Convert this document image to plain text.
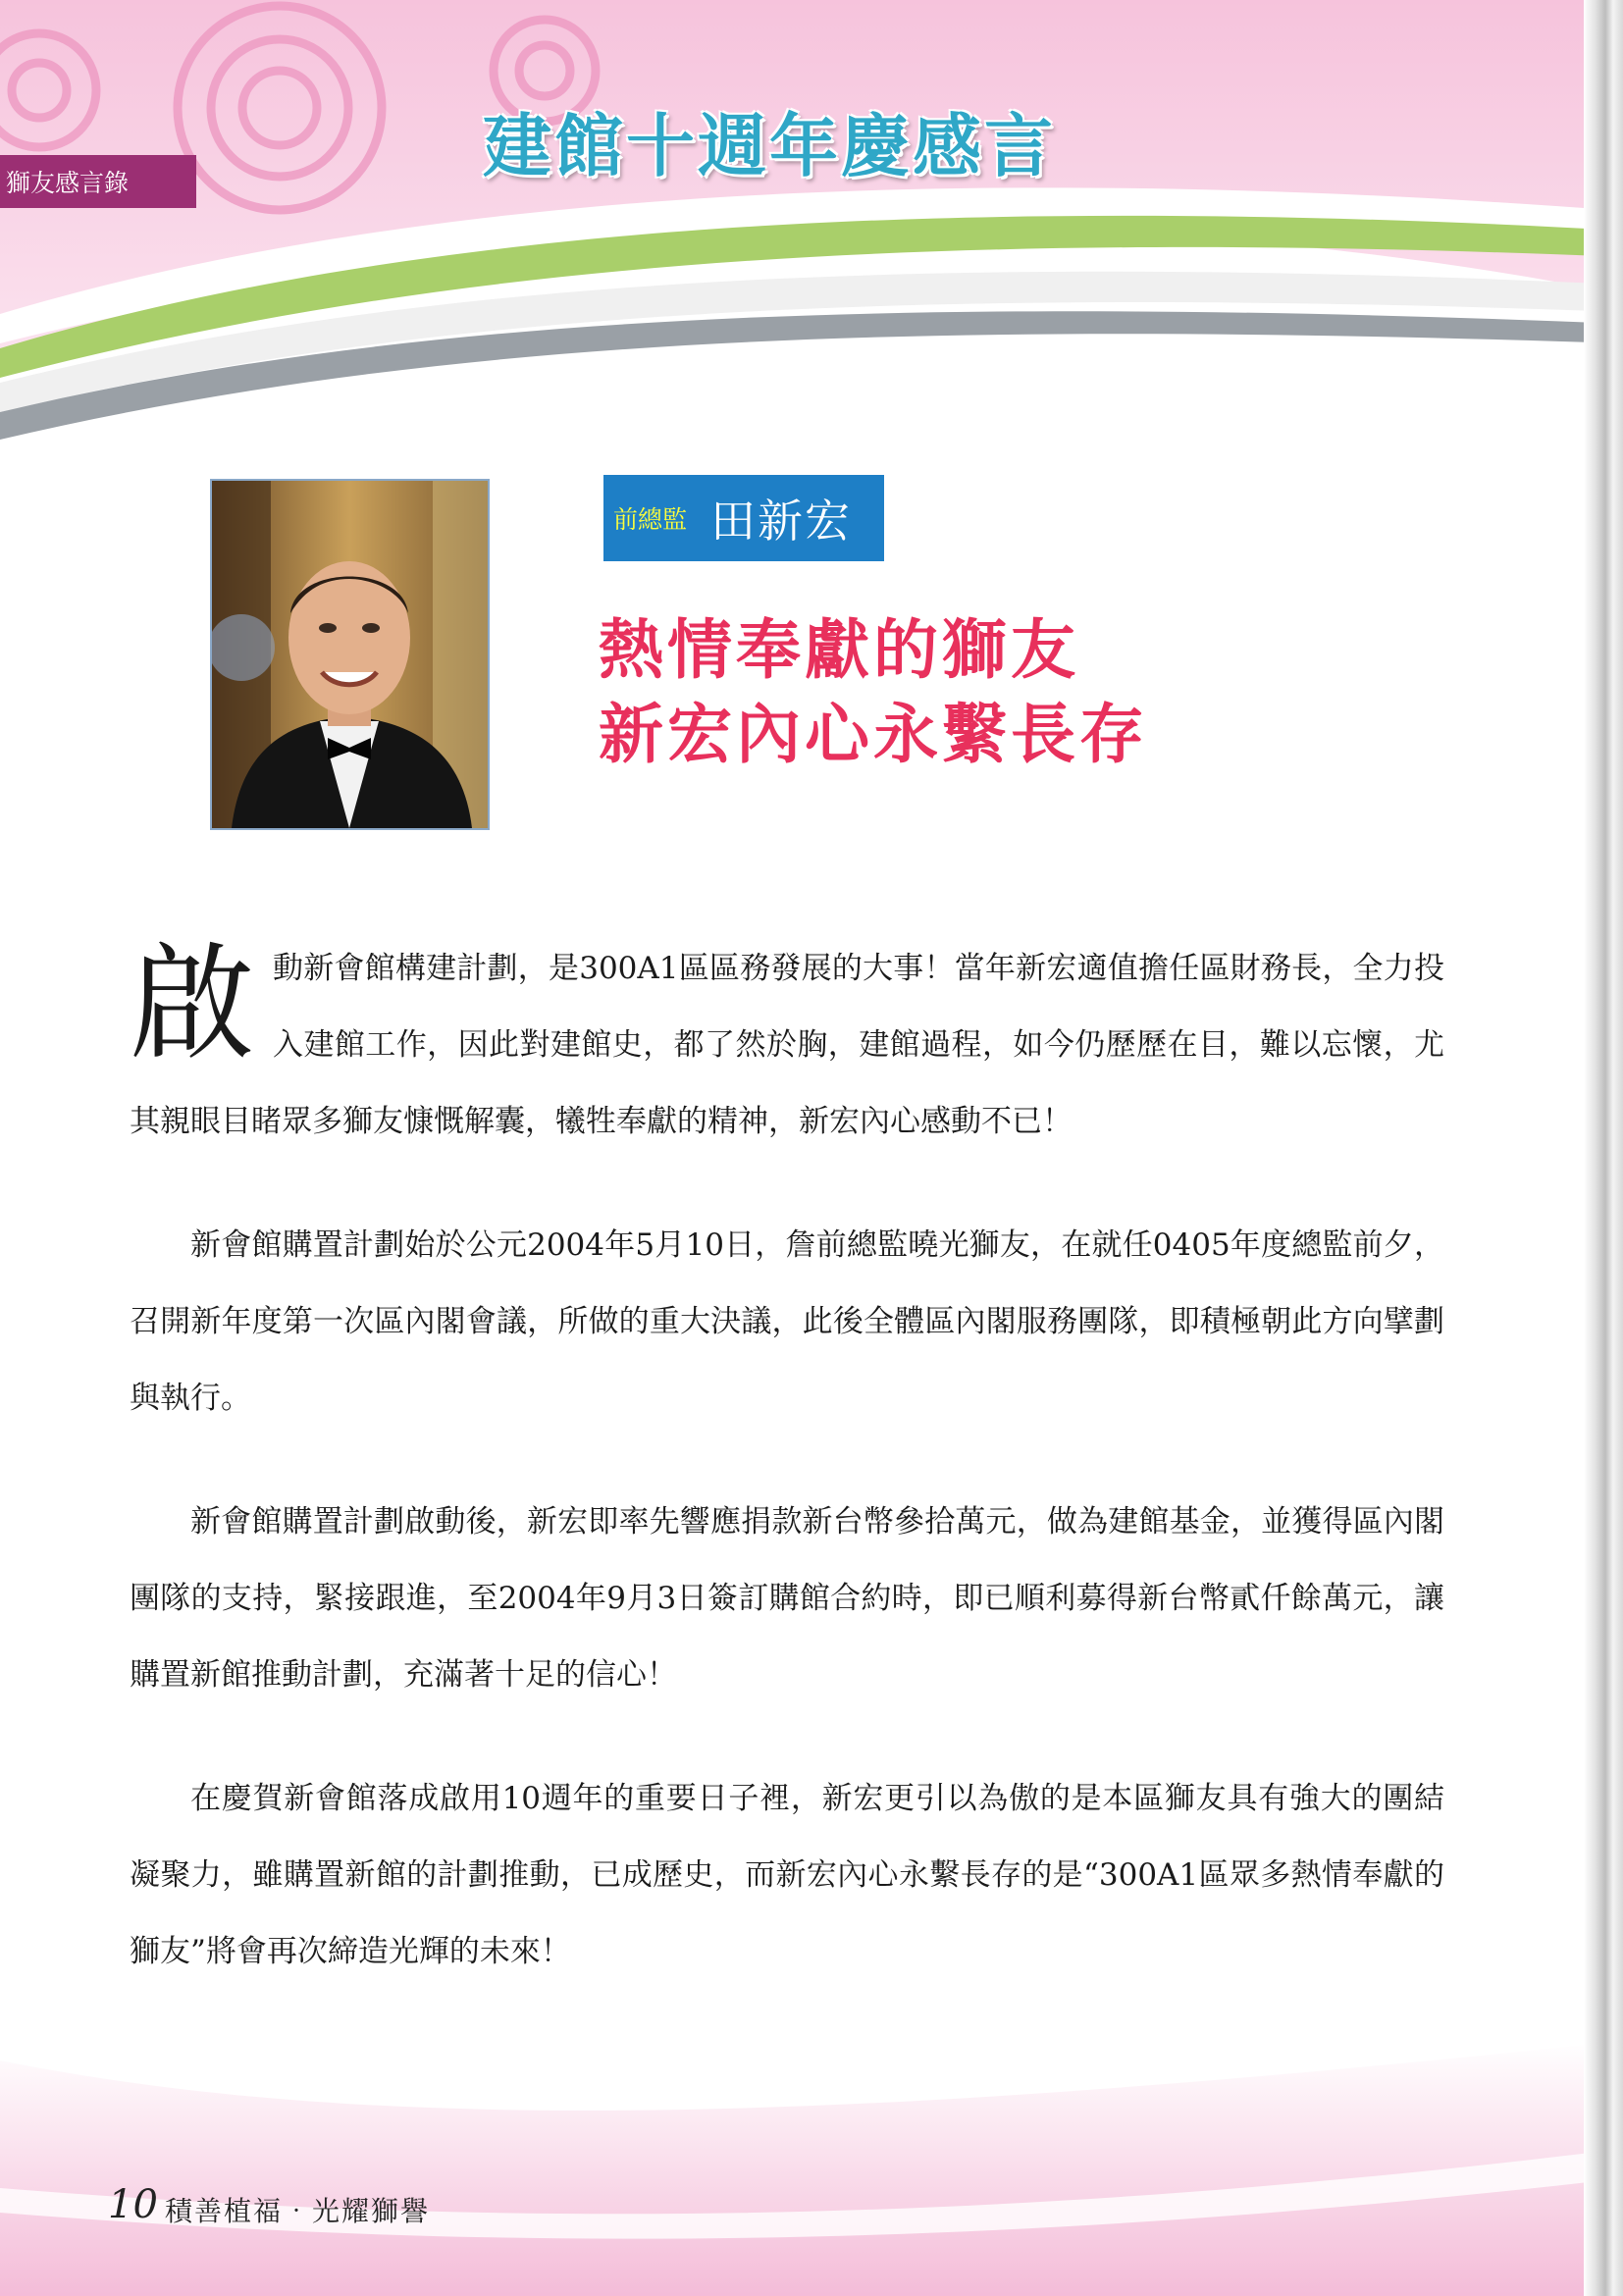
獅友感言錄	建館十週年慶感言
前總監 田新宏
熱情奉獻的獅友
新宏內心永繫長存

啟動新會館構建計劃，是300A1區區務發展的大事！當年新宏適值擔任區財務長，全力投入建館工作，因此對建館史，都了然於胸，建館過程，如今仍歷歷在目，難以忘懷，尤其親眼目睹眾多獅友慷慨解囊，犧牲奉獻的精神，新宏內心感動不已！

新會館購置計劃始於公元2004年5月10日，詹前總監曉光獅友，在就任0405年度總監前夕，召開新年度第一次區內閣會議，所做的重大決議，此後全體區內閣服務團隊，即積極朝此方向擘劃與執行。

新會館購置計劃啟動後，新宏即率先響應捐款新台幣參拾萬元，做為建館基金，並獲得區內閣團隊的支持，緊接跟進，至2004年9月3日簽訂購館合約時，即已順利募得新台幣貳仟餘萬元，讓購置新館推動計劃，充滿著十足的信心！

在慶賀新會館落成啟用10週年的重要日子裡，新宏更引以為傲的是本區獅友具有強大的團結凝聚力，雖購置新館的計劃推動，已成歷史，而新宏內心永繫長存的是“300A1區眾多熱情奉獻的獅友”將會再次締造光輝的未來！

10 積善植福‧光耀獅譽
